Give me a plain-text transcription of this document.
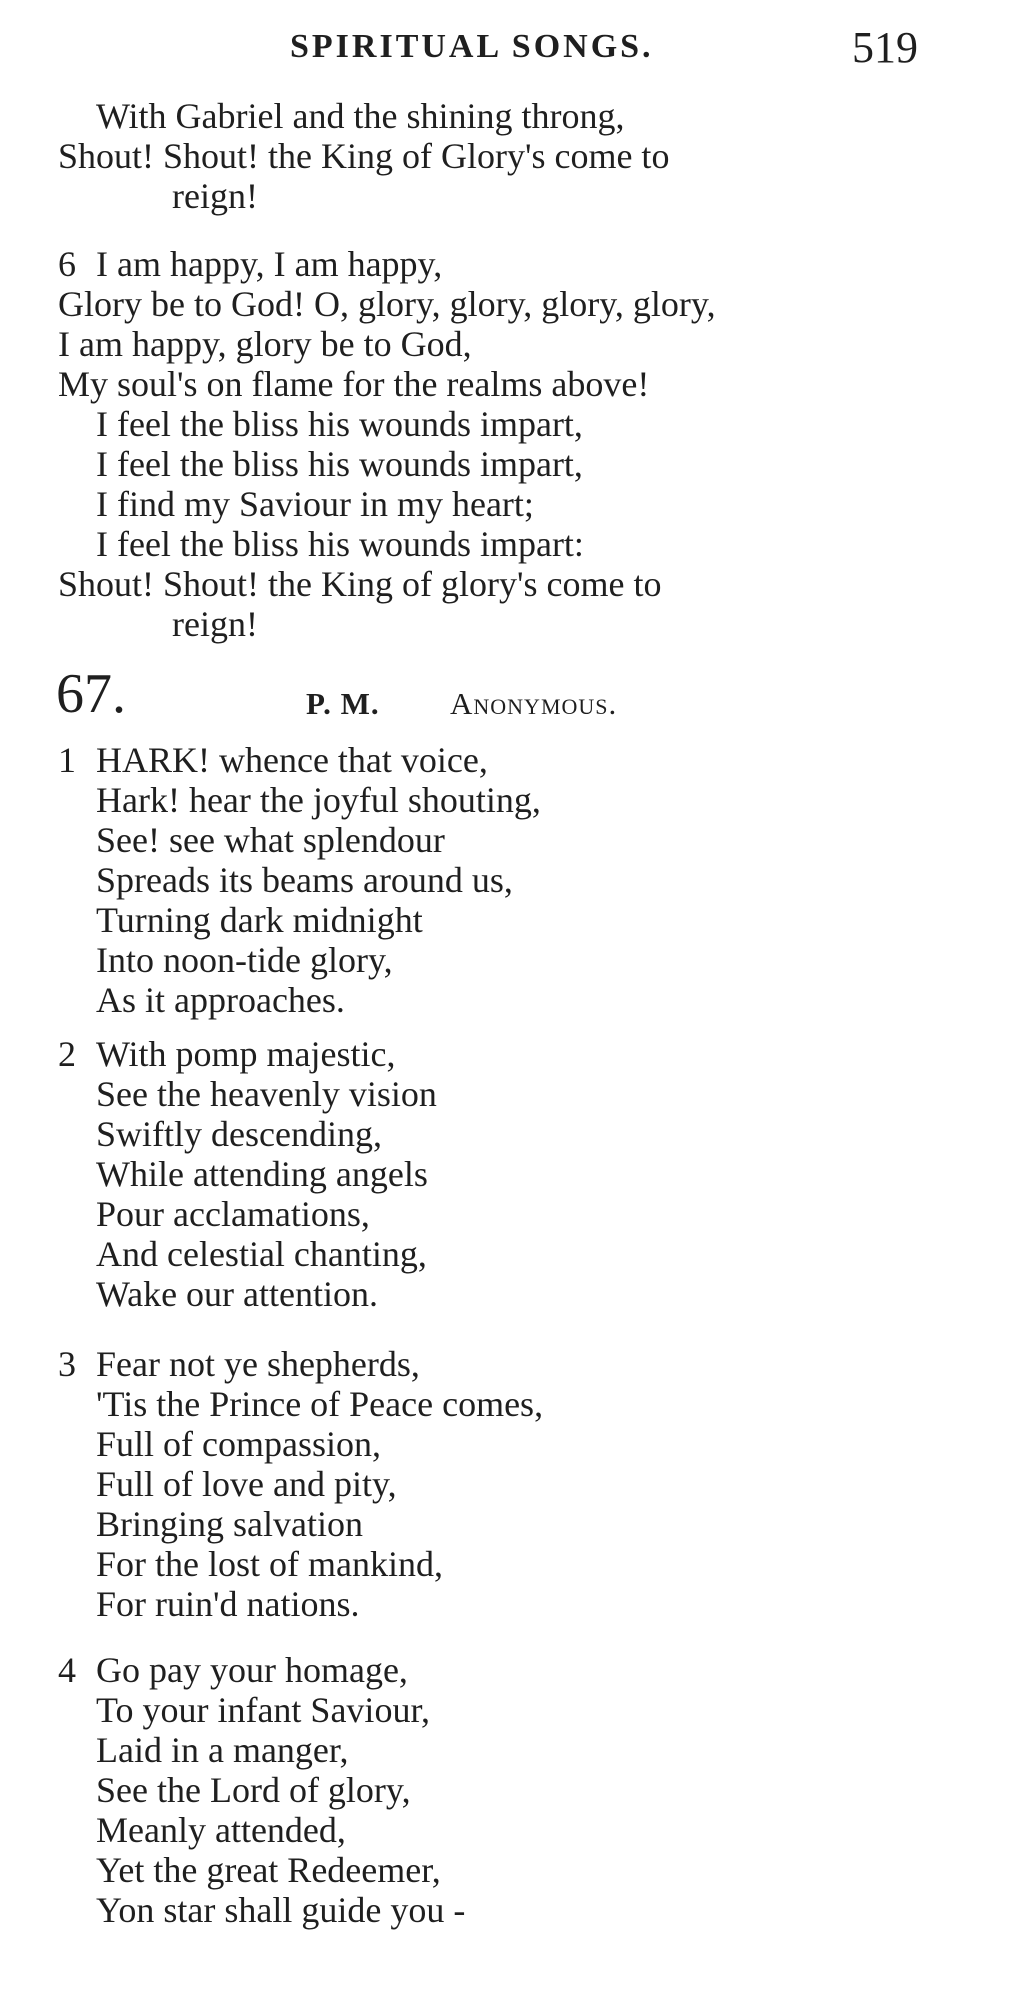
SPIRITUAL SONGS.	519
With Gabriel and the shining throng,
Shout! Shout! the King of Glory's come to
reign!
6 I am happy, I am happy,
Glory be to God! O, glory, glory, glory, glory,
I am happy, glory be to God,
My soul's on flame for the realms above!
I feel the bliss his wounds impart,
I feel the bliss his wounds impart,
I find my Saviour in my heart;
I feel the bliss his wounds impart:
Shout! Shout! the King of glory's come to
reign!
67.	P. M. Anonymous.
1 HARK! whence that voice,
Hark! hear the joyful shouting,
See! see what splendour
Spreads its beams around us,
Turning dark midnight
Into noon-tide glory,
As it approaches.
2 With pomp majestic,
See the heavenly vision
Swiftly descending,
While attending angels
Pour acclamations,
And celestial chanting,
Wake our attention.
3 Fear not ye shepherds,
'Tis the Prince of Peace comes,
Full of compassion,
Full of love and pity,
Bringing salvation
For the lost of mankind,
For ruin'd nations.
4 Go pay your homage,
To your infant Saviour,
Laid in a manger,
See the Lord of glory,
Meanly attended,
Yet the great Redeemer,
Yon star shall guide you -
